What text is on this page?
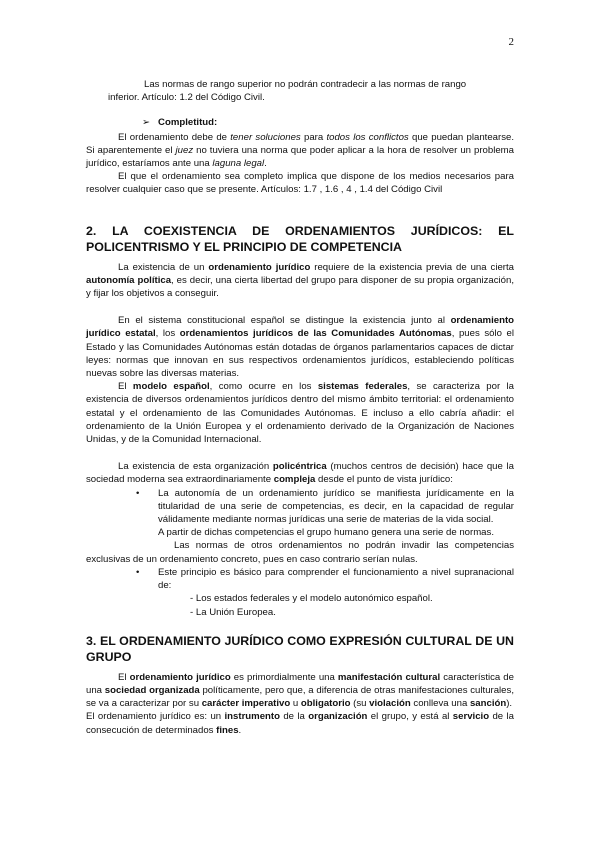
2

Las normas de rango superior no podrán contradecir a las normas de rango

inferior. Artículo: 1.2 del Código Civil.

➢ Completitud:

El ordenamiento debe de tener soluciones para todos los conflictos que puedan plantearse. Si aparentemente el juez no tuviera una norma que poder aplicar a la hora de resolver un problema jurídico, estaríamos ante una laguna legal.

El que el ordenamiento sea completo implica que dispone de los medios necesarios para resolver cualquier caso que se presente. Artículos: 1.7 , 1.6 , 4 , 1.4 del Código Civil

2. LA COEXISTENCIA DE ORDENAMIENTOS JURÍDICOS: EL POLICENTRISMO Y EL PRINCIPIO DE COMPETENCIA

La existencia de un ordenamiento jurídico requiere de la existencia previa de una cierta autonomía política, es decir, una cierta libertad del grupo para disponer de su propia organización, y fijar los objetivos a conseguir.

En el sistema constitucional español se distingue la existencia junto al ordenamiento jurídico estatal, los ordenamientos jurídicos de las Comunidades Autónomas, pues sólo el Estado y las Comunidades Autónomas están dotadas de órganos parlamentarios capaces de dictar leyes: normas que innovan en sus respectivos ordenamientos jurídicos, estableciendo políticas nuevas sobre las diversas materias.

El modelo español, como ocurre en los sistemas federales, se caracteriza por la existencia de diversos ordenamientos jurídicos dentro del mismo ámbito territorial: el ordenamiento estatal y el ordenamiento de las Comunidades Autónomas. E incluso a ello cabría añadir: el ordenamiento de la Unión Europea y el ordenamiento derivado de la Organización de Naciones Unidas, y de la Comunidad Internacional.

La existencia de esta organización policéntrica (muchos centros de decisión) hace que la sociedad moderna sea extraordinariamente compleja desde el punto de vista jurídico:

• La autonomía de un ordenamiento jurídico se manifiesta jurídicamente en la titularidad de una serie de competencias, es decir, en la capacidad de regular válidamente mediante normas jurídicas una serie de materias de la vida social.

A partir de dichas competencias el grupo humano genera una serie de normas.

Las normas de otros ordenamientos no podrán invadir las competencias exclusivas de un ordenamiento concreto, pues en caso contrario serían nulas.

• Este principio es básico para comprender el funcionamiento a nivel supranacional de:

- Los estados federales y el modelo autonómico español.

- La Unión Europea.

3. EL ORDENAMIENTO JURÍDICO COMO EXPRESIÓN CULTURAL DE UN GRUPO

El ordenamiento jurídico es primordialmente una manifestación cultural característica de una sociedad organizada políticamente, pero que, a diferencia de otras manifestaciones culturales, se va a caracterizar por su carácter imperativo u obligatorio (su violación conlleva una sanción).

El ordenamiento jurídico es: un instrumento de la organización el grupo, y está al servicio de la consecución de determinados fines.
